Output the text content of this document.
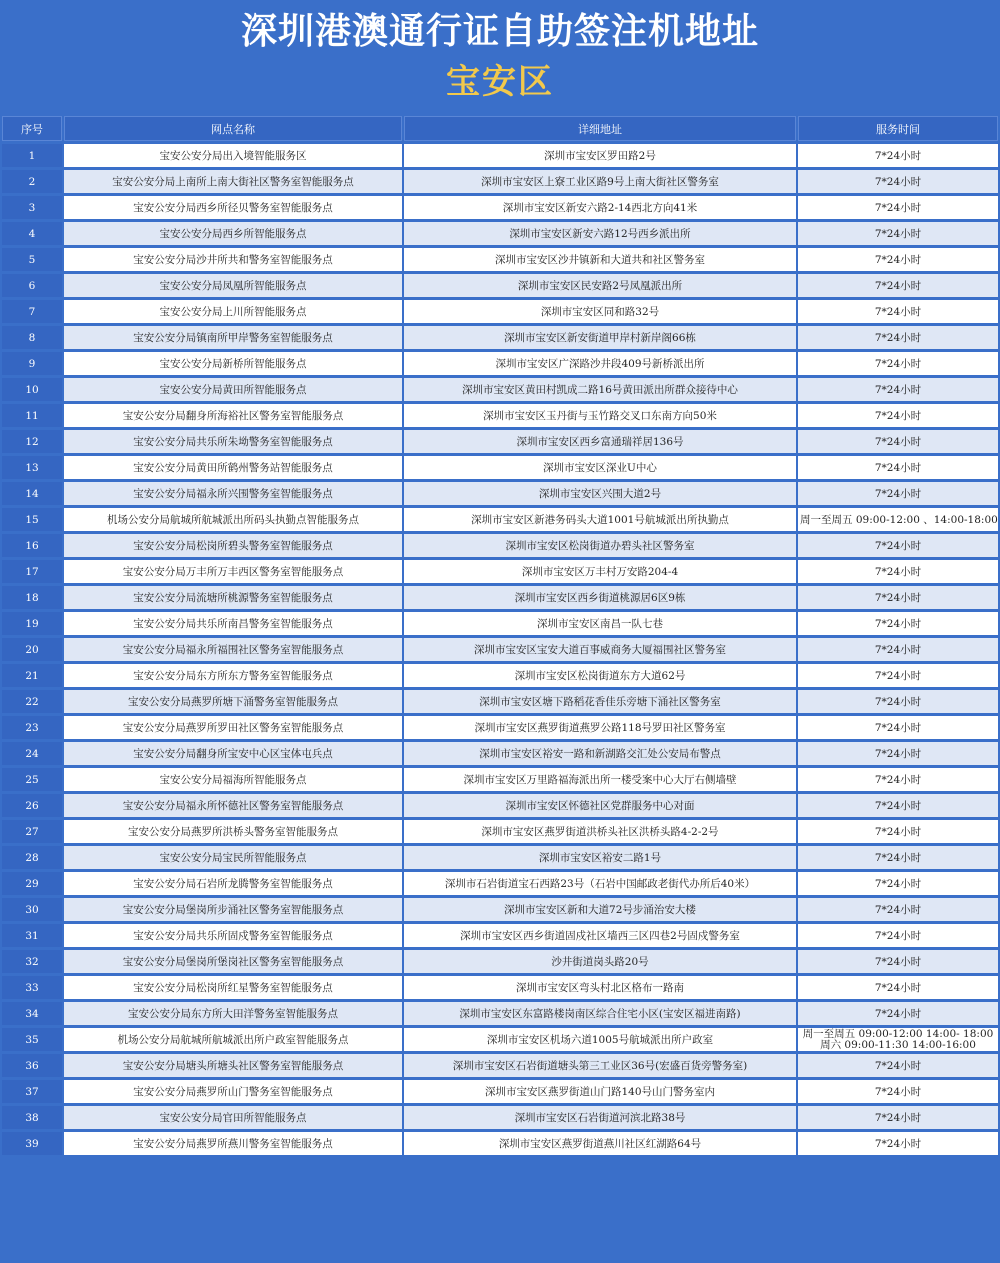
深圳港澳通行证自助签注机地址
宝安区
序号	网点名称	详细地址	服务时间
1	宝安公安分局出入境智能服务区	深圳市宝安区罗田路2号	7*24小时

2	宝安公安分局上南所上南大街社区警务室智能服务点	深圳市宝安区上寮工业区路9号上南大街社区警务室	7*24小时

3	宝安公安分局西乡所径贝警务室智能服务点	深圳市宝安区新安六路2-14西北方向41米	7*24小时

4	宝安公安分局西乡所智能服务点	深圳市宝安区新安六路12号西乡派出所	7*24小时

5	宝安公安分局沙井所共和警务室智能服务点	深圳市宝安区沙井镇新和大道共和社区警务室	7*24小时

6	宝安公安分局凤凰所智能服务点	深圳市宝安区民安路2号凤凰派出所	7*24小时

7	宝安公安分局上川所智能服务点	深圳市宝安区同和路32号	7*24小时

8	宝安公安分局镇南所甲岸警务室智能服务点	深圳市宝安区新安街道甲岸村新岸阁66栋	7*24小时

9	宝安公安分局新桥所智能服务点	深圳市宝安区广深路沙井段409号新桥派出所	7*24小时

10	宝安公安分局黄田所智能服务点	深圳市宝安区黄田村凯成二路16号黄田派出所群众接待中心	7*24小时

11	宝安公安分局翻身所海裕社区警务室智能服务点	深圳市宝安区玉丹街与玉竹路交叉口东南方向50米	7*24小时

12	宝安公安分局共乐所朱坳警务室智能服务点	深圳市宝安区西乡富通瑞祥居136号	7*24小时

13	宝安公安分局黄田所鹤州警务站智能服务点	深圳市宝安区深业U中心	7*24小时

14	宝安公安分局福永所兴围警务室智能服务点	深圳市宝安区兴围大道2号	7*24小时

15	机场公安分局航城所航城派出所码头执勤点智能服务点	深圳市宝安区新港务码头大道1001号航城派出所执勤点	周一至周五 09:00-12:00 、14:00-18:00

16	宝安公安分局松岗所碧头警务室智能服务点	深圳市宝安区松岗街道办碧头社区警务室	7*24小时

17	宝安公安分局万丰所万丰西区警务室智能服务点	深圳市宝安区万丰村万安路204-4	7*24小时

18	宝安公安分局流塘所桃源警务室智能服务点	深圳市宝安区西乡街道桃源居6区9栋	7*24小时

19	宝安公安分局共乐所南昌警务室智能服务点	深圳市宝安区南昌一队七巷	7*24小时

20	宝安公安分局福永所福围社区警务室智能服务点	深圳市宝安区宝安大道百事威商务大厦福围社区警务室	7*24小时

21	宝安公安分局东方所东方警务室智能服务点	深圳市宝安区松岗街道东方大道62号	7*24小时

22	宝安公安分局燕罗所塘下涌警务室智能服务点	深圳市宝安区塘下路稻花香佳乐旁塘下涌社区警务室	7*24小时

23	宝安公安分局燕罗所罗田社区警务室智能服务点	深圳市宝安区燕罗街道燕罗公路118号罗田社区警务室	7*24小时

24	宝安公安分局翻身所宝安中心区宝体屯兵点	深圳市宝安区裕安一路和新湖路交汇处公安局布警点	7*24小时

25	宝安公安分局福海所智能服务点	深圳市宝安区万里路福海派出所一楼受案中心大厅右侧墙壁	7*24小时

26	宝安公安分局福永所怀德社区警务室智能服务点	深圳市宝安区怀德社区党群服务中心对面	7*24小时

27	宝安公安分局燕罗所洪桥头警务室智能服务点	深圳市宝安区燕罗街道洪桥头社区洪桥头路4-2-2号	7*24小时

28	宝安公安分局宝民所智能服务点	深圳市宝安区裕安二路1号	7*24小时

29	宝安公安分局石岩所龙腾警务室智能服务点	深圳市石岩街道宝石西路23号（石岩中国邮政老街代办所后40米）	7*24小时

30	宝安公安分局堡岗所步涌社区警务室智能服务点	深圳市宝安区新和大道72号步涌治安大楼	7*24小时

31	宝安公安分局共乐所固戍警务室智能服务点	深圳市宝安区西乡街道固戍社区墙西三区四巷2号固戍警务室	7*24小时

32	宝安公安分局堡岗所堡岗社区警务室智能服务点	沙井街道岗头路20号	7*24小时

33	宝安公安分局松岗所红星警务室智能服务点	深圳市宝安区弯头村北区格布一路南	7*24小时

34	宝安公安分局东方所大田洋警务室智能服务点	深圳市宝安区东富路楼岗南区综合住宅小区(宝安区福进南路)	7*24小时

35	机场公安分局航城所航城派出所户政室智能服务点	深圳市宝安区机场六道1005号航城派出所户政室	周一至周五 09:00-12:00 14:00- 18:00
周六 09:00-11:30 14:00-16:00

36	宝安公安分局塘头所塘头社区警务室智能服务点	深圳市宝安区石岩街道塘头第三工业区36号(宏盛百货旁警务室)	7*24小时

37	宝安公安分局燕罗所山门警务室智能服务点	深圳市宝安区燕罗街道山门路140号山门警务室内	7*24小时

38	宝安公安分局官田所智能服务点	深圳市宝安区石岩街道河滨北路38号	7*24小时

39	宝安公安分局燕罗所燕川警务室智能服务点	深圳市宝安区燕罗街道燕川社区红湖路64号	7*24小时
